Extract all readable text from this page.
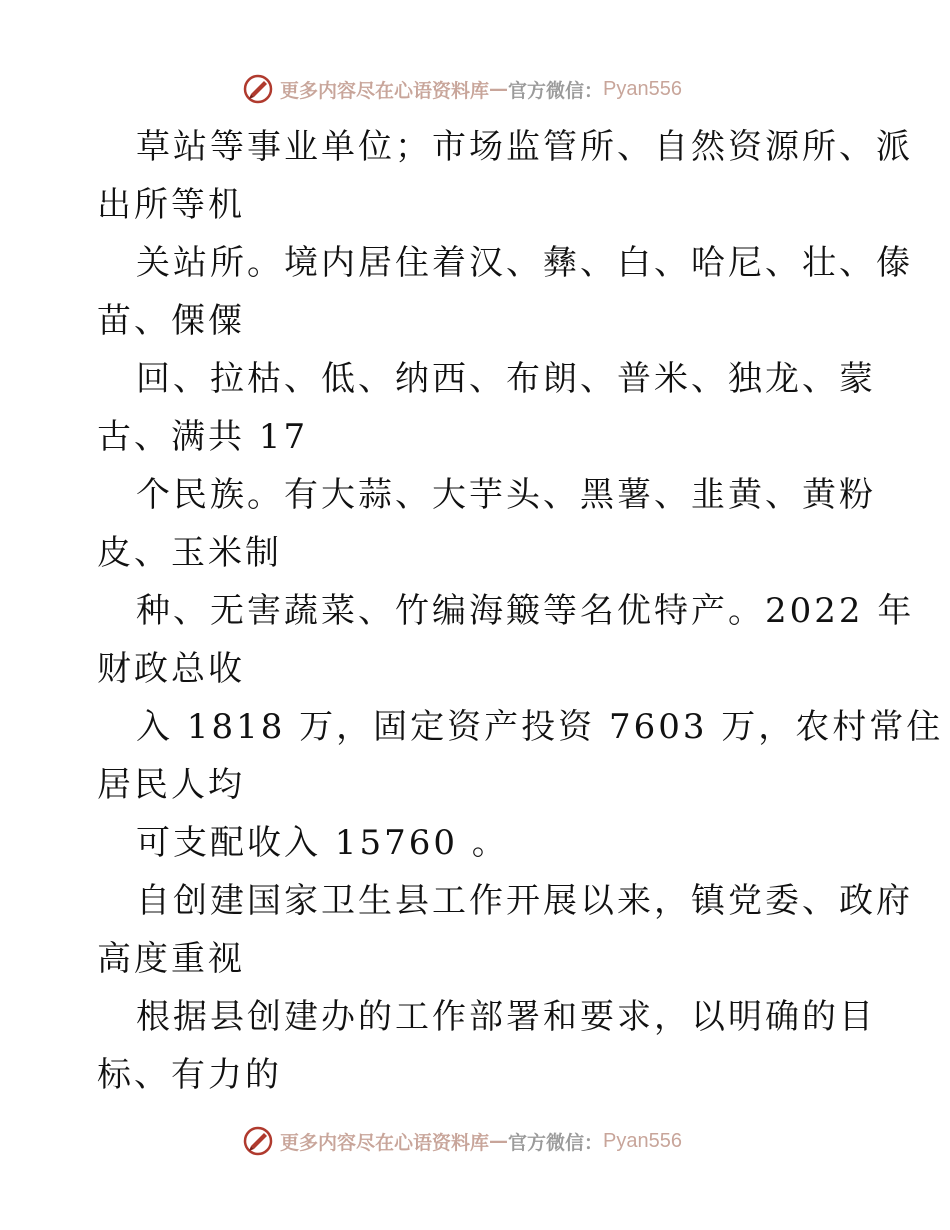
更多内容尽在心语资料库 — 官方微信： Pyan556
草站等事业单位；市场监管所、自然资源所、派
出所等机
关站所。境内居住着汉、彝、白、哈尼、壮、傣
苗、傈僳
回、拉枯、低、纳西、布朗、普米、独龙、蒙
古、满共 17
个民族。有大蒜、大芋头、黑薯、韭黄、黄粉
皮、玉米制
种、无害蔬菜、竹编海簸等名优特产。2022 年
财政总收
入 1818 万，固定资产投资 7603 万，农村常住
居民人均
可支配收入 15760 。
自创建国家卫生县工作开展以来，镇党委、政府
高度重视
根据县创建办的工作部署和要求，以明确的目
标、有力的
更多内容尽在心语资料库 — 官方微信： Pyan556
